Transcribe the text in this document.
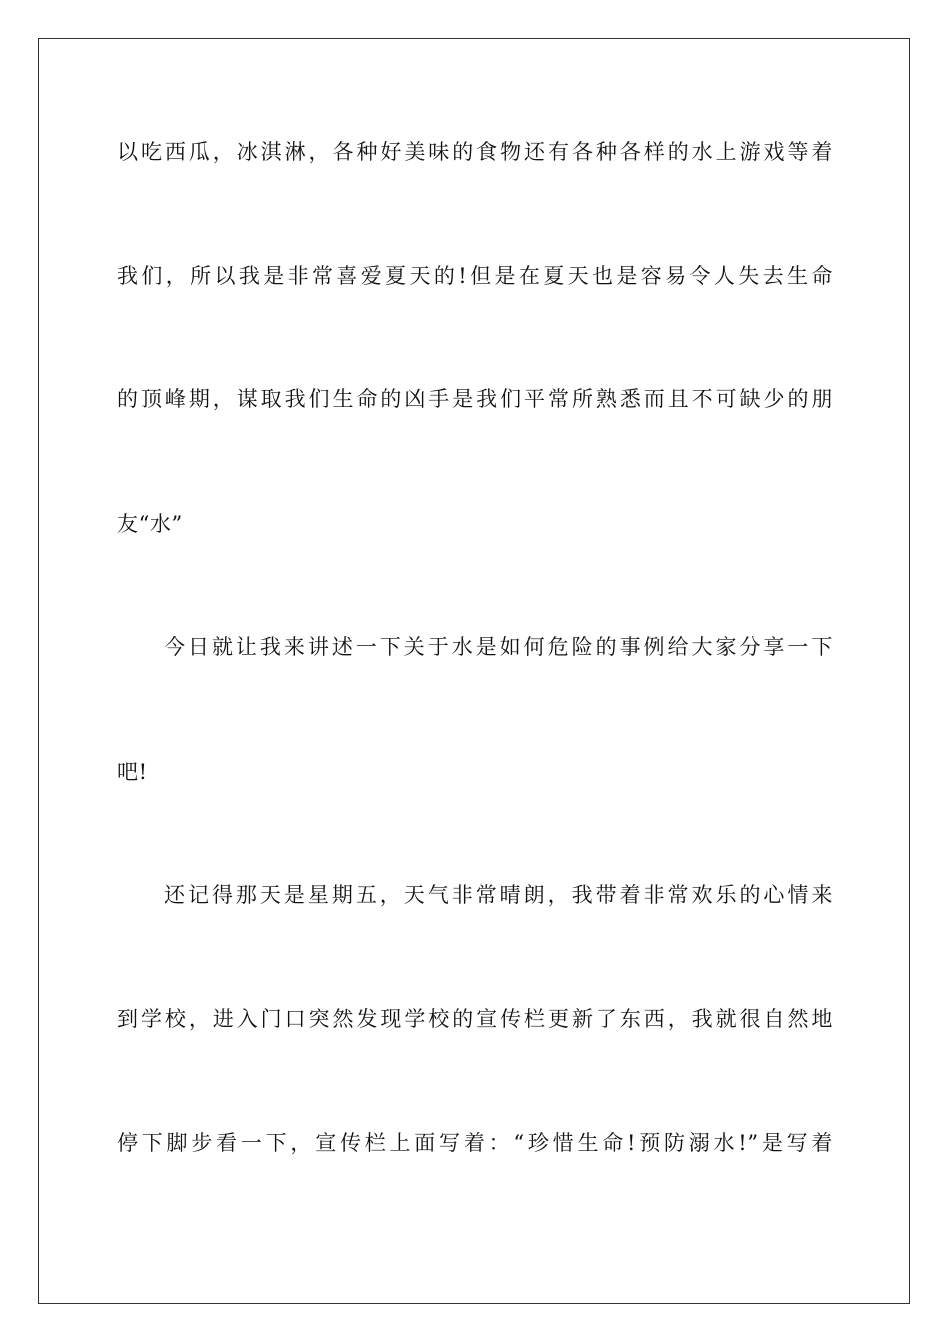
以吃西瓜，冰淇淋，各种好美味的食物还有各种各样的水上游戏等着
我们，所以我是非常喜爱夏天的!但是在夏天也是容易令人失去生命
的顶峰期，谋取我们生命的凶手是我们平常所熟悉而且不可缺少的朋
友“水”
今日就让我来讲述一下关于水是如何危险的事例给大家分享一下
吧!
还记得那天是星期五，天气非常晴朗，我带着非常欢乐的心情来
到学校，进入门口突然发现学校的宣传栏更新了东西，我就很自然地
停下脚步看一下，宣传栏上面写着：“珍惜生命!预防溺水!”是写着
